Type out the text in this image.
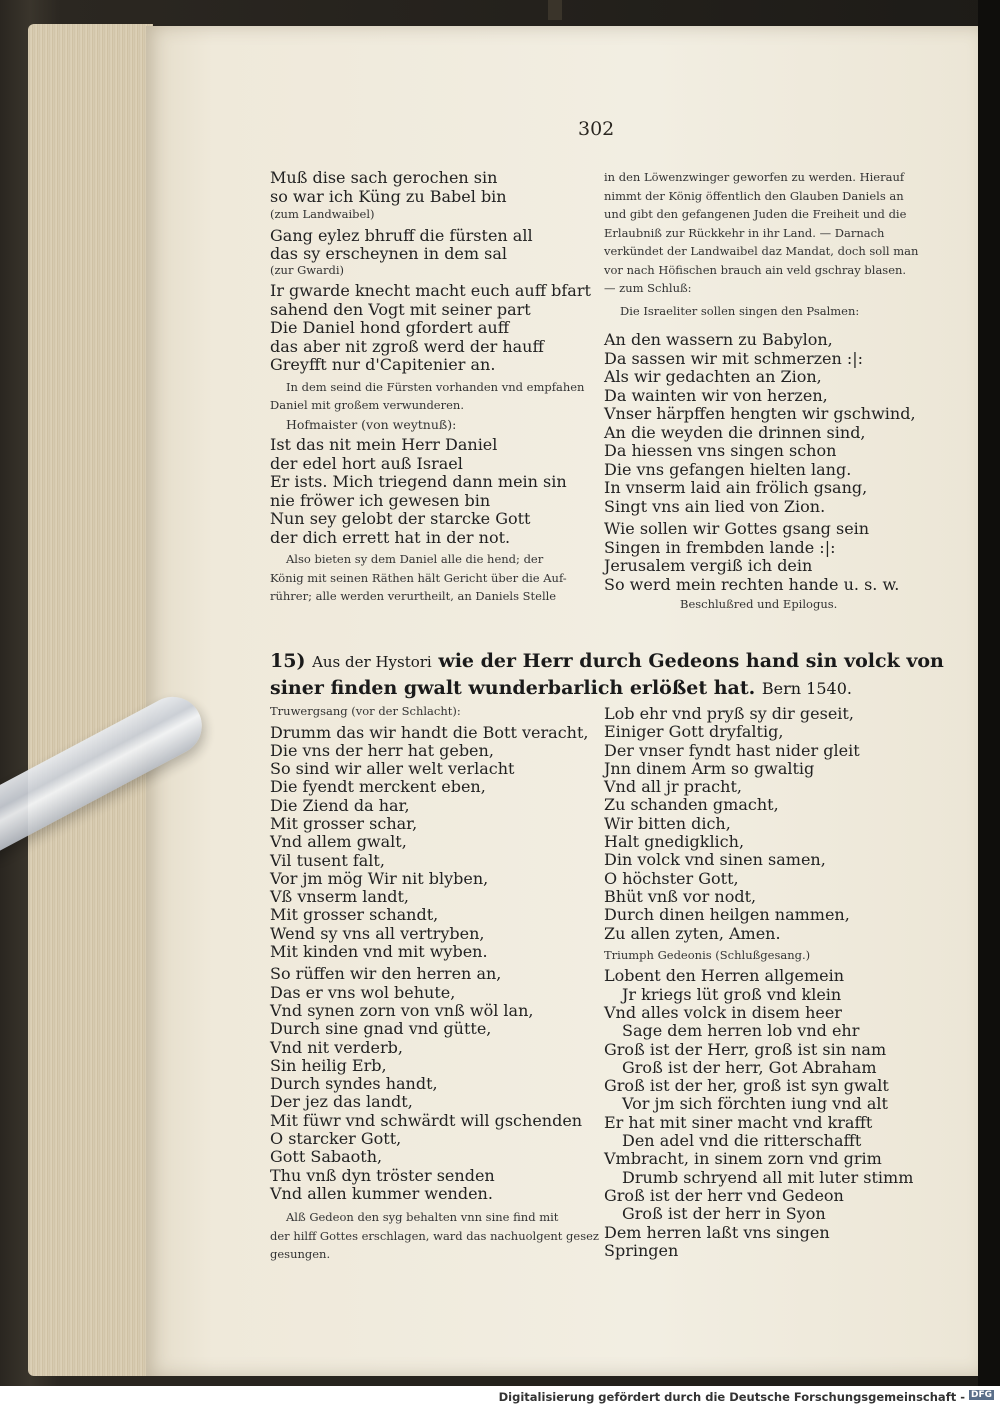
302
Muß dise sach gerochen sin
so war ich Küng zu Babel bin
(zum Landwaibel)
Gang eylez bhruff die fürsten all
das sy erscheynen in dem sal
(zur Gwardi)
Ir gwarde knecht macht euch auff bfart
sahend den Vogt mit seiner part
Die Daniel hond gfordert auff
das aber nit zgroß werd der hauff
Greyfft nur d'Capitenier an.
In dem seind die Fürsten vorhanden vnd empfahen
Daniel mit großem verwunderen.
Hofmaister (von weytnuß):
Ist das nit mein Herr Daniel
der edel hort auß Israel
Er ists. Mich triegend dann mein sin
nie fröwer ich gewesen bin
Nun sey gelobt der starcke Gott
der dich errett hat in der not.
Also bieten sy dem Daniel alle die hend; der
König mit seinen Räthen hält Gericht über die Auf-
rührer; alle werden verurtheilt, an Daniels Stelle
in den Löwenzwinger geworfen zu werden. Hierauf
nimmt der König öffentlich den Glauben Daniels an
und gibt den gefangenen Juden die Freiheit und die
Erlaubniß zur Rückkehr in ihr Land. — Darnach
verkündet der Landwaibel daz Mandat, doch soll man
vor nach Höfischen brauch ain veld gschray blasen.
— zum Schluß:
Die Israeliter sollen singen den Psalmen:
An den wassern zu Babylon,
Da sassen wir mit schmerzen :|:
Als wir gedachten an Zion,
Da wainten wir von herzen,
Vnser härpffen hengten wir gschwind,
An die weyden die drinnen sind,
Da hiessen vns singen schon
Die vns gefangen hielten lang.
In vnserm laid ain frölich gsang,
Singt vns ain lied von Zion.
Wie sollen wir Gottes gsang sein
Singen in frembden lande :|:
Jerusalem vergiß ich dein
So werd mein rechten hande u. s. w.
Beschlußred und Epilogus.
15) Aus der Hystori wie der Herr durch Gedeons hand sin volck von
siner finden gwalt wunderbarlich erlößet hat. Bern 1540.
Truwergsang (vor der Schlacht):
Drumm das wir handt die Bott veracht,
Die vns der herr hat geben,
So sind wir aller welt verlacht
Die fyendt merckent eben,
Die Ziend da har,
Mit grosser schar,
Vnd allem gwalt,
Vil tusent falt,
Vor jm mög Wir nit blyben,
Vß vnserm landt,
Mit grosser schandt,
Wend sy vns all vertryben,
Mit kinden vnd mit wyben.
So rüffen wir den herren an,
Das er vns wol behute,
Vnd synen zorn von vnß wöl lan,
Durch sine gnad vnd gütte,
Vnd nit verderb,
Sin heilig Erb,
Durch syndes handt,
Der jez das landt,
Mit füwr vnd schwärdt will gschenden
O starcker Gott,
Gott Sabaoth,
Thu vnß dyn tröster senden
Vnd allen kummer wenden.
Alß Gedeon den syg behalten vnn sine find mit
der hilff Gottes erschlagen, ward das nachuolgent gesez
gesungen.
Lob ehr vnd pryß sy dir geseit,
Einiger Gott dryfaltig,
Der vnser fyndt hast nider gleit
Jnn dinem Arm so gwaltig
Vnd all jr pracht,
Zu schanden gmacht,
Wir bitten dich,
Halt gnedigklich,
Din volck vnd sinen samen,
O höchster Gott,
Bhüt vnß vor nodt,
Durch dinen heilgen nammen,
Zu allen zyten, Amen.
Triumph Gedeonis (Schlußgesang.)
Lobent den Herren allgemein
Jr kriegs lüt groß vnd klein
Vnd alles volck in disem heer
Sage dem herren lob vnd ehr
Groß ist der Herr, groß ist sin nam
Groß ist der herr, Got Abraham
Groß ist der her, groß ist syn gwalt
Vor jm sich förchten iung vnd alt
Er hat mit siner macht vnd krafft
Den adel vnd die ritterschafft
Vmbracht, in sinem zorn vnd grim
Drumb schryend all mit luter stimm
Groß ist der herr vnd Gedeon
Groß ist der herr in Syon
Dem herren laßt vns singen
Springen
Digitalisierung gefördert durch die Deutsche Forschungsgemeinschaft - DFG
